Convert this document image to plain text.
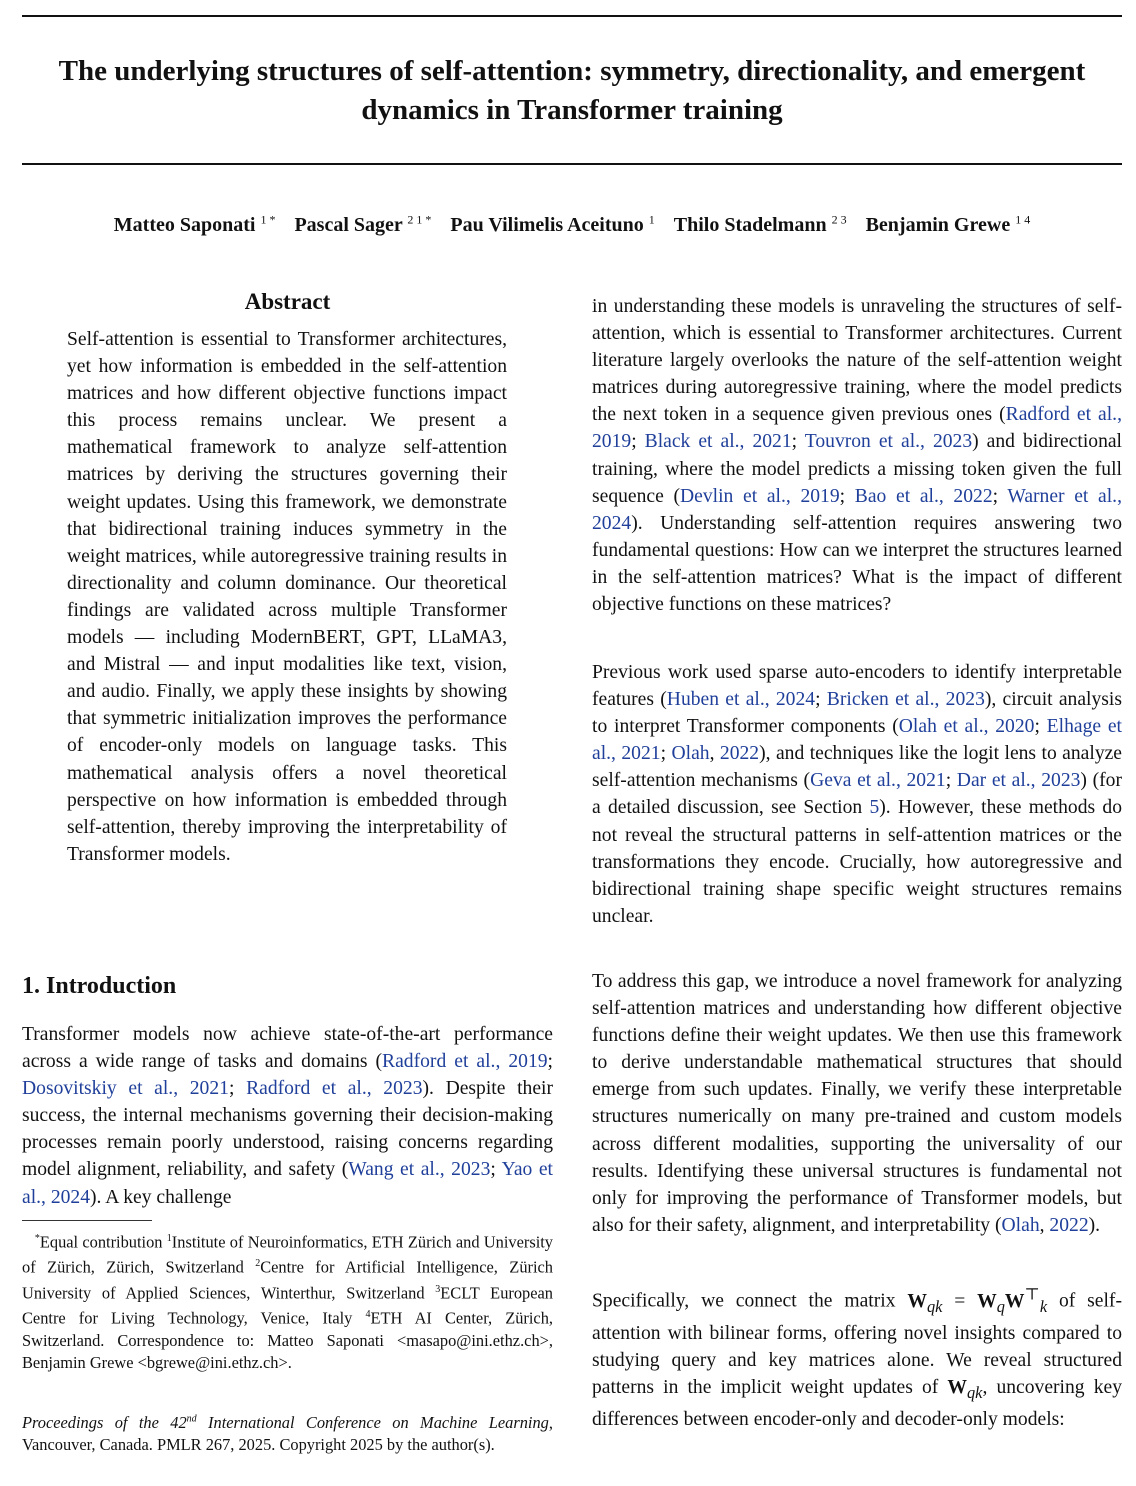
The underlying structures of self-attention: symmetry, directionality, and emergent dynamics in Transformer training
Matteo Saponati $^{1 *}$ Pascal Sager $^{2 1 *}$ Pau Vilimelis Aceituno $^1$ Thilo Stadelmann $^{2 3}$ Benjamin Grewe $^{1 4}$
Abstract

Self-attention is essential to Transformer architectures, yet how information is embedded in the self-attention matrices and how different objective functions impact this process remains unclear. We present a mathematical framework to analyze self-attention matrices by deriving the structures governing their weight updates. Using this framework, we demonstrate that bidirectional training induces symmetry in the weight matrices, while autoregressive training results in directionality and column dominance. Our theoretical findings are validated across multiple Transformer models — including ModernBERT, GPT, LLaMA3, and Mistral — and input modalities like text, vision, and audio. Finally, we apply these insights by showing that symmetric initialization improves the performance of encoder-only models on language tasks. This mathematical analysis offers a novel theoretical perspective on how information is embedded through self-attention, thereby improving the interpretability of Transformer models.

1. Introduction

Transformer models now achieve state-of-the-art performance across a wide range of tasks and domains (Radford et al., 2019; Dosovitskiy et al., 2021; Radford et al., 2023). Despite their success, the internal mechanisms governing their decision-making processes remain poorly understood, raising concerns regarding model alignment, reliability, and safety (Wang et al., 2023; Yao et al., 2024). A key challenge

*Equal contribution $^1$Institute of Neuroinformatics, ETH Zürich and University of Zürich, Zürich, Switzerland $^2$Centre for Artificial Intelligence, Zürich University of Applied Sciences, Winterthur, Switzerland $^3$ECLT European Centre for Living Technology, Venice, Italy $^4$ETH AI Center, Zürich, Switzerland. Correspondence to: Matteo Saponati <masapo@ini.ethz.ch>, Benjamin Grewe <bgrewe@ini.ethz.ch>.

Proceedings of the 42nd International Conference on Machine Learning, Vancouver, Canada. PMLR 267, 2025. Copyright 2025 by the author(s).

in understanding these models is unraveling the structures of self-attention, which is essential to Transformer architectures. Current literature largely overlooks the nature of the self-attention weight matrices during autoregressive training, where the model predicts the next token in a sequence given previous ones (Radford et al., 2019; Black et al., 2021; Touvron et al., 2023) and bidirectional training, where the model predicts a missing token given the full sequence (Devlin et al., 2019; Bao et al., 2022; Warner et al., 2024). Understanding self-attention requires answering two fundamental questions: How can we interpret the structures learned in the self-attention matrices? What is the impact of different objective functions on these matrices?

Previous work used sparse auto-encoders to identify interpretable features (Huben et al., 2024; Bricken et al., 2023), circuit analysis to interpret Transformer components (Olah et al., 2020; Elhage et al., 2021; Olah, 2022), and techniques like the logit lens to analyze self-attention mechanisms (Geva et al., 2021; Dar et al., 2023) (for a detailed discussion, see Section 5). However, these methods do not reveal the structural patterns in self-attention matrices or the transformations they encode. Crucially, how autoregressive and bidirectional training shape specific weight structures remains unclear.

To address this gap, we introduce a novel framework for analyzing self-attention matrices and understanding how different objective functions define their weight updates. We then use this framework to derive understandable mathematical structures that should emerge from such updates. Finally, we verify these interpretable structures numerically on many pre-trained and custom models across different modalities, supporting the universality of our results. Identifying these universal structures is fundamental not only for improving the performance of Transformer models, but also for their safety, alignment, and interpretability (Olah, 2022).

Specifically, we connect the matrix $W_{qk} = W_qW^⊤_k$ of self-attention with bilinear forms, offering novel insights compared to studying query and key matrices alone. We reveal structured patterns in the implicit weight updates of $W_{qk}$, uncovering key differences between encoder-only and decoder-only models:
